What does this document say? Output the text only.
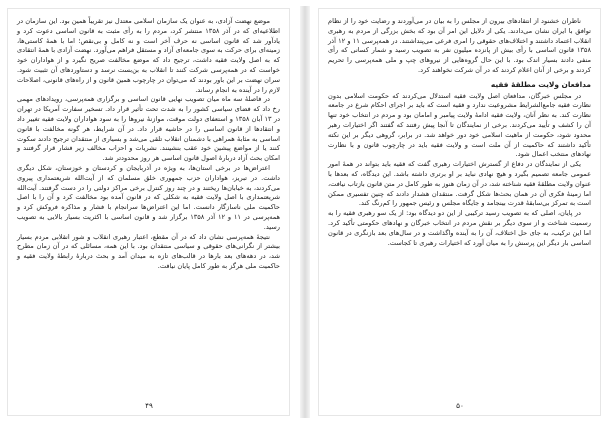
موضع نهضت آزادی، به عنوان یک سازمان اسلامی معتدل نیز تقریباً همین بود. این سازمان در اطلاعیه‌ای که در آذر ۱۳۵۸ منتشر کرد، مردم را به رأی مثبت به قانون اساسی دعوت کرد و یادآور شد که قانون اساسی نه حرف آخر است و نه کامل و بی‌نقص؛ اما با همهٔ کاستی‌ها، زمینه‌ای برای حرکت به سوی جامعه‌ای آزاد و مستقل فراهم می‌آورد. نهضت آزادی با همهٔ انتقادی که به اصل ولایت فقیه داشت، ترجیح داد که موضع مخالفت صریح نگیرد و از هواداران خود خواست که در همه‌پرسی شرکت کنند تا انقلاب به بن‌بست نرسد و دستاوردهای آن تثبیت شود. سران نهضت بر این باور بودند که می‌توان در چارچوب همین قانون و از راه‌های قانونی، اصلاحات لازم را در آینده به انجام رساند.

در فاصلهٔ سه ماه میان تصویب نهایی قانون اساسی و برگزاری همه‌پرسی، رویدادهای مهمی رخ داد که فضای سیاسی کشور را به شدت تحت تأثیر قرار داد. تسخیر سفارت آمریکا در تهران در ۱۳ آبان ۱۳۵۸ و استعفای دولت موقت، موازنهٔ نیروها را به سود هواداران ولایت فقیه تغییر داد و انتقادها از قانون اساسی را در حاشیه قرار داد. در آن شرایط، هر گونه مخالفت با قانون اساسی به مثابهٔ همراهی با دشمنان انقلاب تلقی می‌شد و بسیاری از منتقدان ترجیح دادند سکوت کنند یا از مواضع پیشین خود عقب بنشینند. نشریات و احزاب مخالف زیر فشار قرار گرفتند و امکان بحث آزاد دربارهٔ اصول قانون اساسی هر روز محدودتر شد.

اعتراض‌ها در برخی استان‌ها، به ویژه در آذربایجان و کردستان و خوزستان، شکل دیگری داشت. در تبریز، هواداران حزب جمهوری خلق مسلمان که از آیت‌الله شریعتمداری پیروی می‌کردند، به خیابان‌ها ریختند و در چند روز کنترل برخی مراکز دولتی را در دست گرفتند. آیت‌الله شریعتمداری با اصل ولایت فقیه به شکلی که در قانون آمده بود مخالفت کرد و آن را با اصل حاکمیت ملی ناسازگار دانست. اما این اعتراض‌ها سرانجام با فشار و مذاکره فروکش کرد و همه‌پرسی در ۱۱ و ۱۲ آذر ۱۳۵۸ برگزار شد و قانون اساسی با اکثریت بسیار بالایی به تصویب رسید.

نتیجهٔ همه‌پرسی نشان داد که در آن مقطع، اعتبار رهبری انقلاب و شور انقلابی مردم بسیار بیشتر از نگرانی‌های حقوقی و سیاسی منتقدان بود. با این همه، مسائلی که در آن زمان مطرح شد، در دهه‌های بعد بارها در قالب‌های تازه به میدان آمد و بحث دربارهٔ رابطهٔ ولایت فقیه و حاکمیت ملی هرگز به طور کامل پایان نیافت.

۴۹

ناظران خشنود از انتقادهای بیرون از مجلس را به بیان در می‌آوردند و رضایت خود را از نظام توافق با ایران نشان می‌دادند. یکی از دلایل این امر آن بود که بخش بزرگی از مردم به رهبری انقلاب اعتماد داشتند و اختلاف‌های حقوقی را امری فرعی می‌پنداشتند. در همه‌پرسی ۱۱ و ۱۲ آذر ۱۳۵۸ قانون اساسی با رأی بیش از پانزده میلیون نفر به تصویب رسید و شمار کسانی که رأی منفی دادند بسیار اندک بود. با این حال گروه‌هایی از نیروهای چپ و ملی همه‌پرسی را تحریم کردند و برخی از آنان اعلام کردند که در آن شرکت نخواهند کرد.

مدافعان ولایت مطلقهٔ فقیه

در مجلس خبرگان، مدافعان اصل ولایت فقیه استدلال می‌کردند که حکومت اسلامی بدون نظارت فقیه جامع‌الشرایط مشروعیت ندارد و فقیه است که باید بر اجرای احکام شرع در جامعه نظارت کند. به نظر آنان، ولایت فقیه ادامهٔ ولایت پیامبر و امامان بود و مردم در انتخاب خود تنها آن را کشف و تأیید می‌کردند. برخی از نمایندگان تا آنجا پیش رفتند که گفتند اگر اختیارات رهبر محدود شود، حکومت از ماهیت اسلامی خود دور خواهد شد. در برابر، گروهی دیگر بر این نکته تأکید داشتند که حاکمیت از آن ملت است و ولایت فقیه باید در چارچوب قانون و با نظارت نهادهای منتخب اعمال شود.

یکی از نمایندگان در دفاع از گسترش اختیارات رهبری گفت که فقیه باید بتواند در همهٔ امور عمومی جامعه تصمیم بگیرد و هیچ نهادی نباید بر او برتری داشته باشد. این دیدگاه، که بعدها با عنوان ولایت مطلقهٔ فقیه شناخته شد، در آن زمان هنوز به طور کامل در متن قانون بازتاب نیافت، اما زمینهٔ فکری آن در همان بحث‌ها شکل گرفت. منتقدان هشدار دادند که چنین تفسیری ممکن است به تمرکز بی‌سابقهٔ قدرت بینجامد و جایگاه مجلس و رئیس جمهور را کم‌رنگ کند.

در پایان، اصلی که به تصویب رسید ترکیبی از این دو دیدگاه بود: از یک سو رهبری فقیه را به رسمیت شناخت و از سوی دیگر بر نقش مردم در انتخاب خبرگان و نهادهای حکومتی تأکید کرد. اما این ترکیب، به جای حل اختلاف، آن را به آینده واگذاشت و در سال‌های بعد بازنگری در قانون اساسی بار دیگر این پرسش را به میان آورد که اختیارات رهبری تا کجاست.

۵۰
